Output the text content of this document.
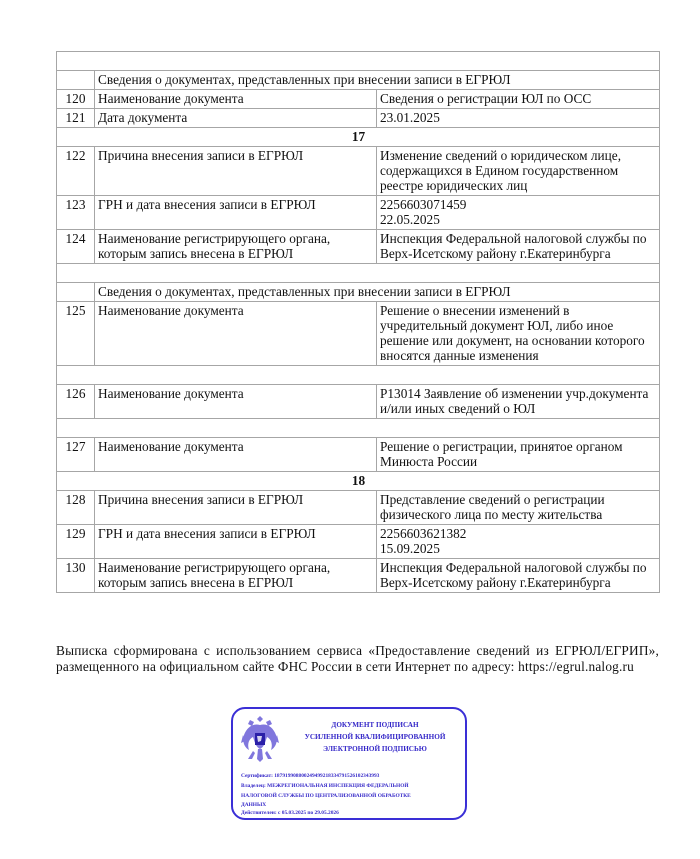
	Сведения о документах, представленных при внесении записи в ЕГРЮЛ	
120	Наименование документа	Сведения о регистрации ЮЛ по ОСС
121	Дата документа	23.01.2025
17		
122	Причина внесения записи в ЕГРЮЛ	Изменение сведений о юридическом лице, содержащихся в Едином государственном реестре юридических лиц
123	ГРН и дата внесения записи в ЕГРЮЛ	2256603071459
22.05.2025

124	Наименование регистрирующего органа, которым запись внесена в ЕГРЮЛ	Инспекция Федеральной налоговой службы по Верх-Исетскому району г.Екатеринбурга

	Сведения о документах, представленных при внесении записи в ЕГРЮЛ	
125	Наименование документа	Решение о внесении изменений в учредительный документ ЮЛ, либо иное решение или документ, на основании которого вносятся данные изменения

126	Наименование документа	Р13014 Заявление об изменении учр.документа и/или иных сведений о ЮЛ

127	Наименование документа	Решение о регистрации, принятое органом Минюста России
18		
128	Причина внесения записи в ЕГРЮЛ	Представление сведений о регистрации физического лица по месту жительства
129	ГРН и дата внесения записи в ЕГРЮЛ	2256603621382
15.09.2025

130	Наименование регистрирующего органа, которым запись внесена в ЕГРЮЛ	Инспекция Федеральной налоговой службы по Верх-Исетскому району г.Екатеринбурга
Выписка сформирована с использованием сервиса «Предоставление сведений из ЕГРЮЛ/ЕГРИП», размещенного на официальном сайте ФНС России в сети Интернет по адресу: https://egrul.nalog.ru
ДОКУМЕНТ ПОДПИСАН
УСИЛЕННОЙ КВАЛИФИЦИРОВАННОЙ
ЭЛЕКТРОННОЙ ПОДПИСЬЮ
Сертификат: 187919908800249499218334791526102343993
Владелец: МЕЖРЕГИОНАЛЬНАЯ ИНСПЕКЦИЯ ФЕДЕРАЛЬНОЙ
НАЛОГОВОЙ СЛУЖБЫ ПО ЦЕНТРАЛИЗОВАННОЙ ОБРАБОТКЕ
ДАННЫХ
Действителен: с 05.03.2025 по 29.05.2026
